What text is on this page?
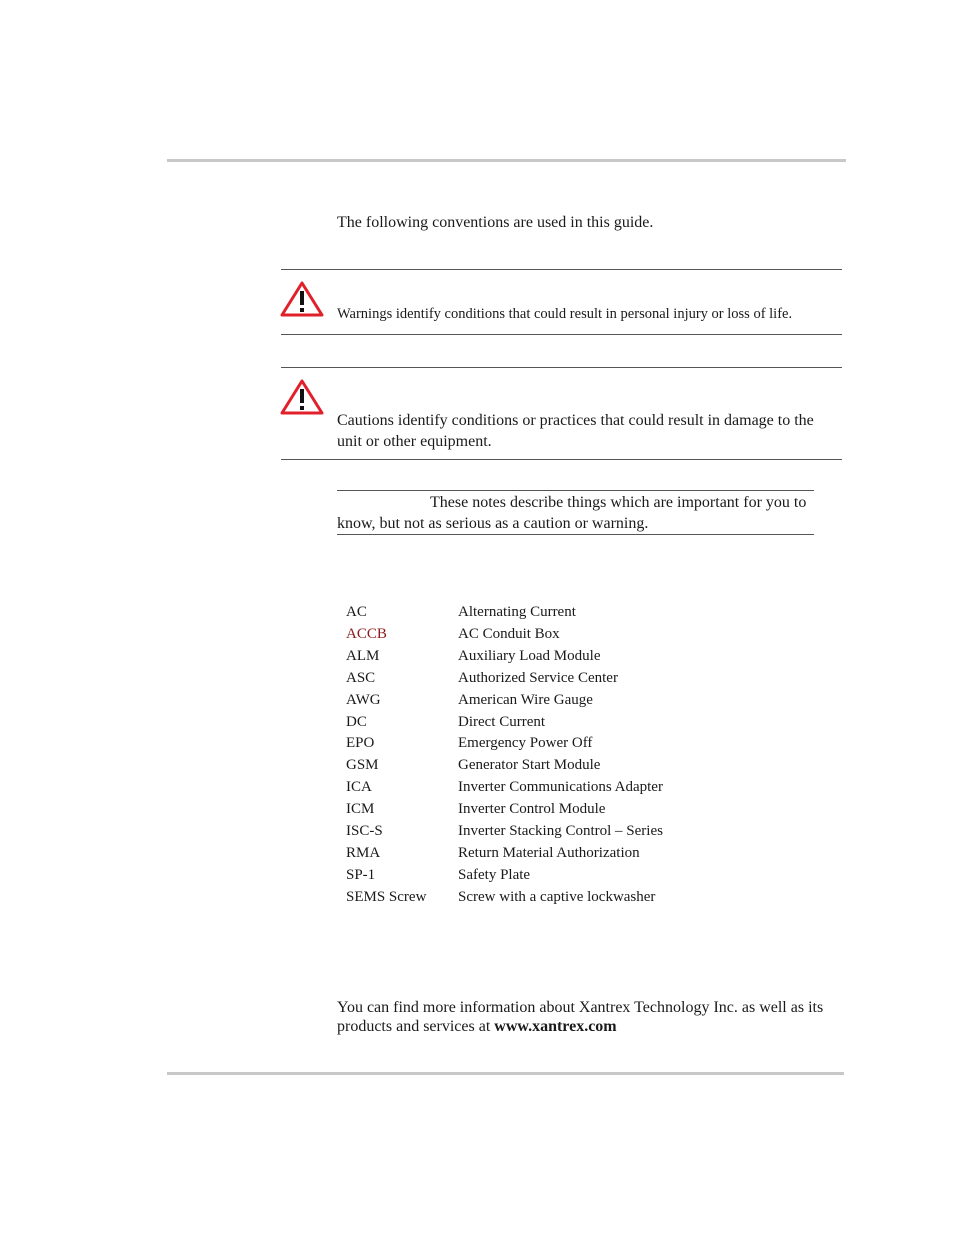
The following conventions are used in this guide.
Warnings identify conditions that could result in personal injury or loss of life.
Cautions identify conditions or practices that could result in damage to the unit or other equipment.
These notes describe things which are important for you to know, but not as serious as a caution or warning.
AC	Alternating Current
ACCB	AC Conduit Box
ALM	Auxiliary Load Module
ASC	Authorized Service Center
AWG	American Wire Gauge
DC	Direct Current
EPO	Emergency Power Off
GSM	Generator Start Module
ICA	Inverter Communications Adapter
ICM	Inverter Control Module
ISC-S	Inverter Stacking Control – Series
RMA	Return Material Authorization
SP-1	Safety Plate
SEMS Screw	Screw with a captive lockwasher
You can find more information about Xantrex Technology Inc. as well as its products and services at www.xantrex.com
